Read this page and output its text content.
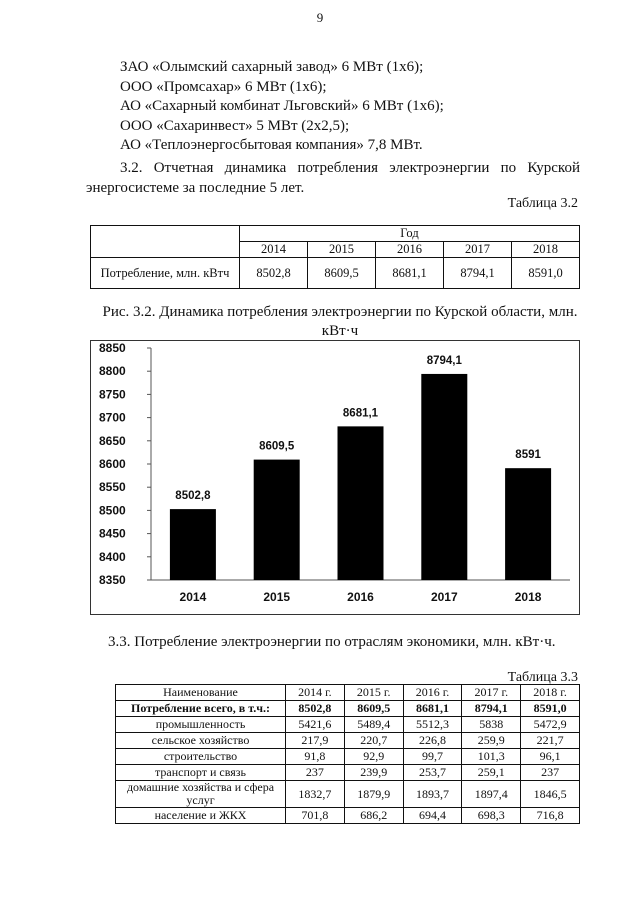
9
ЗАО «Олымский сахарный завод» 6 МВт (1х6);
ООО «Промсахар» 6 МВт (1х6);
АО «Сахарный комбинат Льговский» 6 МВт (1х6);
ООО «Сахаринвест» 5 МВт (2х2,5);
АО «Теплоэнергосбытовая компания» 7,8 МВт.
3.2. Отчетная динамика потребления электроэнергии по Курской энергосистеме за последние 5 лет.
Таблица 3.2
	Год				
	2014	2015	2016	2017	2018
Потребление, млн. кВтч	8502,8	8609,5	8681,1	8794,1	8591,0
Рис. 3.2. Динамика потребления электроэнергии по Курской области, млн. кВт·ч
8350
8400
8450
8500
8550
8600
8650
8700
8750
8800
8850
8502,8
8609,5
8681,1
8794,1
8591
2014	2015	2016	2017	2018
3.3. Потребление электроэнергии по отраслям экономики, млн. кВт·ч.
Таблица 3.3
Наименование	2014 г.	2015 г.	2016 г.	2017 г.	2018 г.
Потребление всего, в т.ч.:	8502,8	8609,5	8681,1	8794,1	8591,0
промышленность	5421,6	5489,4	5512,3	5838	5472,9
сельское хозяйство	217,9	220,7	226,8	259,9	221,7
строительство	91,8	92,9	99,7	101,3	96,1
транспорт и связь	237	239,9	253,7	259,1	237
домашние хозяйства и сфера услуг	1832,7	1879,9	1893,7	1897,4	1846,5
население и ЖКХ	701,8	686,2	694,4	698,3	716,8
